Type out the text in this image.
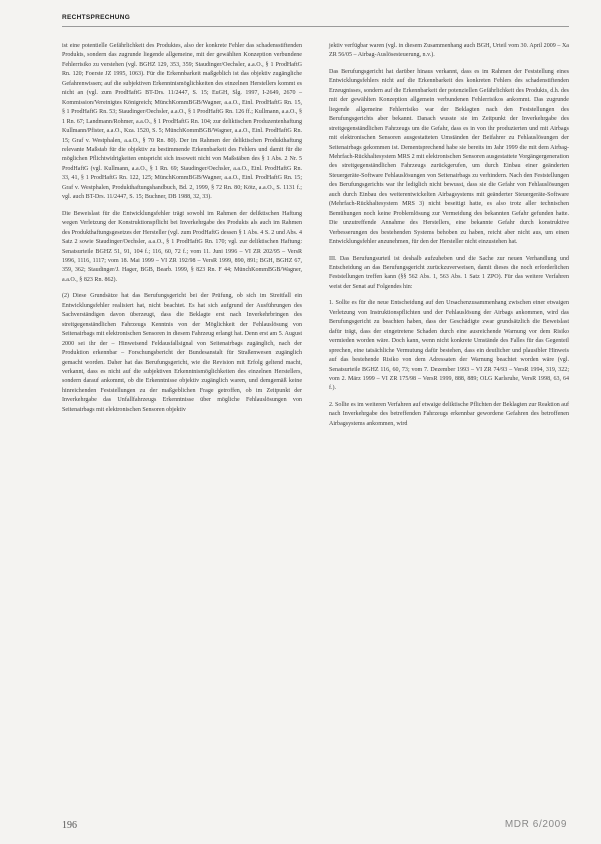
RECHTSPRECHUNG

ist eine potentielle Gefährlichkeit des Produktes, also der konkrete Fehler das schadensstiftenden Produkts, sondern das zugrunde liegende allgemeine, mit der gewählten Konzeption verbundene Fehlerrisiko zu verstehen (vgl. BGHZ 129, 353, 359; Staudinger/Oechsler, a.a.O., § 1 ProdHaftG Rn. 120; Foerste JZ 1995, 1063). Für die Erkennbarkeit maßgeblich ist das objektiv zugängliche Gefahrenwissen; auf die subjektiven Erkenntnismöglichkeiten des einzelnen Herstellers kommt es nicht an (vgl. zum ProdHaftG BT-Drs. 11/2447, S. 15; EuGH, Slg. 1997, I-2649, 2670 – Kommission/Vereinigtes Königreich; MünchKommBGB/Wagner, a.a.O., Einl. ProdHaftG Rn. 15, § 1 ProdHaftG Rn. 53; Staudinger/Oechsler, a.a.O., § 1 ProdHaftG Rn. 126 ff.; Kullmann, a.a.O., § 1 Rn. 67; Landmann/Rohmer, a.a.O., § 1 ProdHaftG Rn. 104; zur deliktischen Produzentenhaftung Kullmann/Pfister, a.a.O., Kza. 1520, S. 5; MünchKommBGB/Wagner, a.a.O., Einl. ProdHaftG Rn. 15; Graf v. Westphalen, a.a.O., § 70 Rn. 80). Der im Rahmen der deliktischen Produkthaftung relevante Maßstab für die objektiv zu bestimmende Erkennbarkeit des Fehlers und damit für die möglichen Pflichtwidrigkeiten entspricht sich insoweit nicht von Maßstäben des § 1 Abs. 2 Nr. 5 ProdHaftG (vgl. Kullmann, a.a.O., § 1 Rn. 69; Staudinger/Oechsler, a.a.O., Einl. ProdHaftG Rn. 33, 41, § 1 ProdHaftG Rn. 122, 125; MünchKommBGB/Wagner, a.a.O., Einl. ProdHaftG Rn. 15; Graf v. Westphalen, Produkthaftungshandbuch, Bd. 2, 1999, § 72 Rn. 80; Kötz, a.a.O., S. 1131 f.; vgl. auch BT-Drs. 11/2447, S. 15; Buchner, DB 1988, 32, 33).

Die Beweislast für die Entwicklungsfehler trägt sowohl im Rahmen der deliktischen Haftung wegen Verletzung der Konstruktionspflicht bei Inverkehrgabe des Produkts als auch im Rahmen des Produkthaftungsgesetzes der Hersteller (vgl. zum ProdHaftG dessen § 1 Abs. 4 S. 2 und Abs. 4 Satz 2 sowie Staudinger/Oechsler, a.a.O., § 1 ProdHaftG Rn. 170; vgl. zur deliktischen Haftung: Senatsurteile BGHZ 51, 91, 104 f.; 116, 60, 72 f.; vom 11. Juni 1996 – VI ZR 202/95 – VersR 1996, 1116, 1117; vom 18. Mai 1999 – VI ZR 192/98 – VersR 1999, 890, 891; BGH, BGHZ 67, 359, 362; Staudinger/J. Hager, BGB, Bearb. 1999, § 823 Rn. F 44; MünchKommBGB/Wagner, a.a.O., § 823 Rn. 862).

(2) Diese Grundsätze hat das Berufungsgericht bei der Prüfung, ob sich im Streitfall ein Entwicklungsfehler realisiert hat, nicht beachtet. Es hat sich aufgrund der Ausführungen des Sachverständigen davon überzeugt, dass die Beklagte erst nach Inverkehrbringen des streitgegenständlichen Fahrzeugs Kenntnis von der Möglichkeit der Fehlauslösung von Seitenairbags mit elektronischen Sensoren in diesem Fahrzeug erlangt hat. Denn erst am 5. August 2000 sei ihr der – Hinweisend Feldausfallsignal von Seitenairbags zugänglich, nach der Produktion erkennbar – Forschungsbericht der Bundesanstalt für Straßenwesen zugänglich gemacht worden. Daher hat das Berufungsgericht, wie die Revision mit Erfolg geltend macht, verkannt, dass es nicht auf die subjektiven Erkenntnismöglichkeiten des einzelnen Herstellers, sondern darauf ankommt, ob die Erkenntnisse objektiv zugänglich waren, und demgemäß keine hinreichenden Feststellungen zu der maßgeblichen Frage getroffen, ob im Zeitpunkt der Inverkehrgabe das Unfallfahrzeugs Erkenntnisse über mögliche Fehlauslösungen von Seitenairbags mit elektronischen Sensoren objektiv

jektiv verfügbar waren (vgl. in diesem Zusammenhang auch BGH, Urteil vom 30. April 2009 – Xa ZR 56/05 – Airbag-Auslösesteuerung, n.v.).

Das Berufungsgericht hat darüber hinaus verkannt, dass es im Rahmen der Feststellung eines Entwicklungsfehlers nicht auf die Erkennbarkeit des konkreten Fehlers des schadenstiftenden Erzeugnisses, sondern auf die Erkennbarkeit der potenziellen Gefährlichkeit des Produkts, d.h. des mit der gewählten Konzeption allgemein verbundenen Fehlerrisikos ankommt. Das zugrunde liegende allgemeine Fehlerrisiko war der Beklagten nach den Feststellungen des Berufungsgerichts aber bekannt. Danach wusste sie im Zeitpunkt der Inverkehrgabe des streitgegenständlichen Fahrzeugs um die Gefahr, dass es in von ihr produzierten und mit Airbags mit elektronischen Sensoren ausgestatteten Umständen der Beifahrer zu Fehlauslösungen der Seitenairbags gekommen ist. Dementsprechend habe sie bereits im Jahr 1999 die mit dem Airbag-Mehrfach-Rückhaltesystem MRS 2 mit elektronischen Sensoren ausgestattete Vorgängergeneration des streitgegenständlichen Fahrzeugs zurückgerufen, um durch Einbau einer geänderten Steuergeräte-Software Fehlauslösungen von Seitenairbags zu verhindern. Nach den Feststellungen des Berufungsgerichts war ihr lediglich nicht bewusst, dass sie die Gefahr von Fehlauslösungen auch durch Einbau des weiterentwickelten Airbagsystems mit geänderter Steuergeräte-Software (Mehrfach-Rückhaltesystem MRS 3) nicht beseitigt hatte, es also trotz aller technischen Bemühungen noch keine Problemlösung zur Vermeidung des bekannten Gefahr gefunden hatte. Die unzutreffende Annahme des Herstellers, eine bekannte Gefahr durch konstruktive Verbesserungen des bestehenden Systems behoben zu haben, reicht aber nicht aus, um einen Entwicklungsfehler anzunehmen, für den der Hersteller nicht einzustehen hat.

III. Das Berufungsurteil ist deshalb aufzuheben und die Sache zur neuen Verhandlung und Entscheidung an das Berufungsgericht zurückzuverweisen, damit dieses die noch erforderlichen Feststellungen treffen kann (§§ 562 Abs. 1, 563 Abs. 1 Satz 1 ZPO). Für das weitere Verfahren weist der Senat auf Folgendes hin:

1. Sollte es für die neue Entscheidung auf den Ursachenzusammenhang zwischen einer etwaigen Verletzung von Instruktionspflichten und der Fehlauslösung der Airbags ankommen, wird das Berufungsgericht zu beachten haben, dass der Geschädigte zwar grundsätzlich die Beweislast dafür trägt, dass der eingetretene Schaden durch eine ausreichende Warnung vor dem Risiko vermieden worden wäre. Doch kann, wenn nicht konkrete Umstände des Falles für das Gegenteil sprechen, eine tatsächliche Vermutung dafür bestehen, dass ein deutlicher und plausibler Hinweis auf das bestehende Risiko von dem Adressaten der Warnung beachtet worden wäre (vgl. Senatsurteile BGHZ 116, 60, 73; vom 7. Dezember 1993 – VI ZR 74/93 – VersR 1994, 319, 322; vom 2. März 1999 – VI ZR 175/98 – VersR 1999, 888, 889; OLG Karlsruhe, VersR 1998, 63, 64 f.).

2. Sollte es im weiteren Verfahren auf etwaige deliktische Pflichten der Beklagten zur Reaktion auf nach Inverkehrgabe des betreffenden Fahrzeugs erkennbar gewordene Gefahren des betroffenen Airbagsystems ankommen, wird

196	MDR 6/2009
